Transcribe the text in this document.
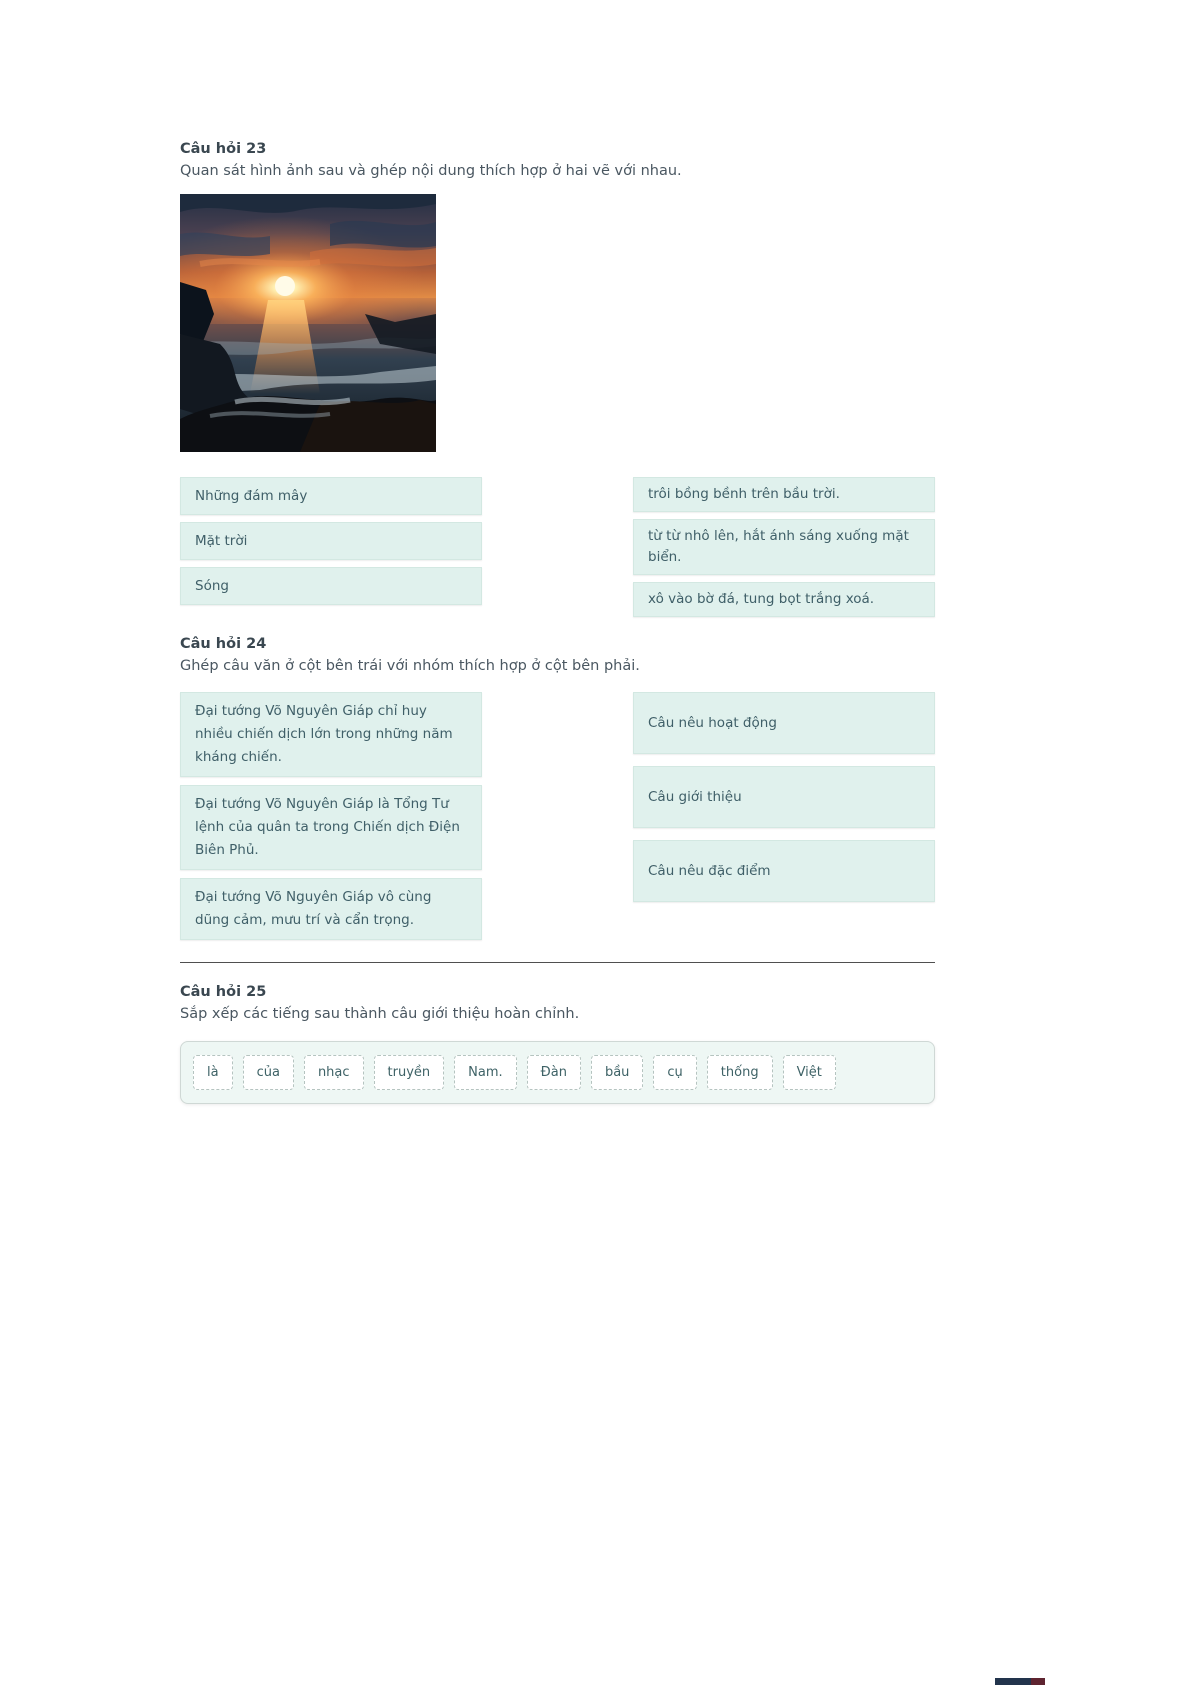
Câu hỏi 23
Quan sát hình ảnh sau và ghép nội dung thích hợp ở hai vẽ với nhau.
Những đám mây
Mặt trời
Sóng
trôi bồng bềnh trên bầu trời.
từ từ nhô lên, hắt ánh sáng xuống mặt biển.
xô vào bờ đá, tung bọt trắng xoá.
Câu hỏi 24
Ghép câu văn ở cột bên trái với nhóm thích hợp ở cột bên phải.
Đại tướng Võ Nguyên Giáp chỉ huy nhiều chiến dịch lớn trong những năm kháng chiến.
Đại tướng Võ Nguyên Giáp là Tổng Tư lệnh của quân ta trong Chiến dịch Điện Biên Phủ.
Đại tướng Võ Nguyên Giáp vô cùng dũng cảm, mưu trí và cẩn trọng.
Câu nêu hoạt động
Câu giới thiệu
Câu nêu đặc điểm
Câu hỏi 25
Sắp xếp các tiếng sau thành câu giới thiệu hoàn chỉnh.
là	của	nhạc	truyền	Nam.	Đàn	bầu	cụ	thống	Việt
